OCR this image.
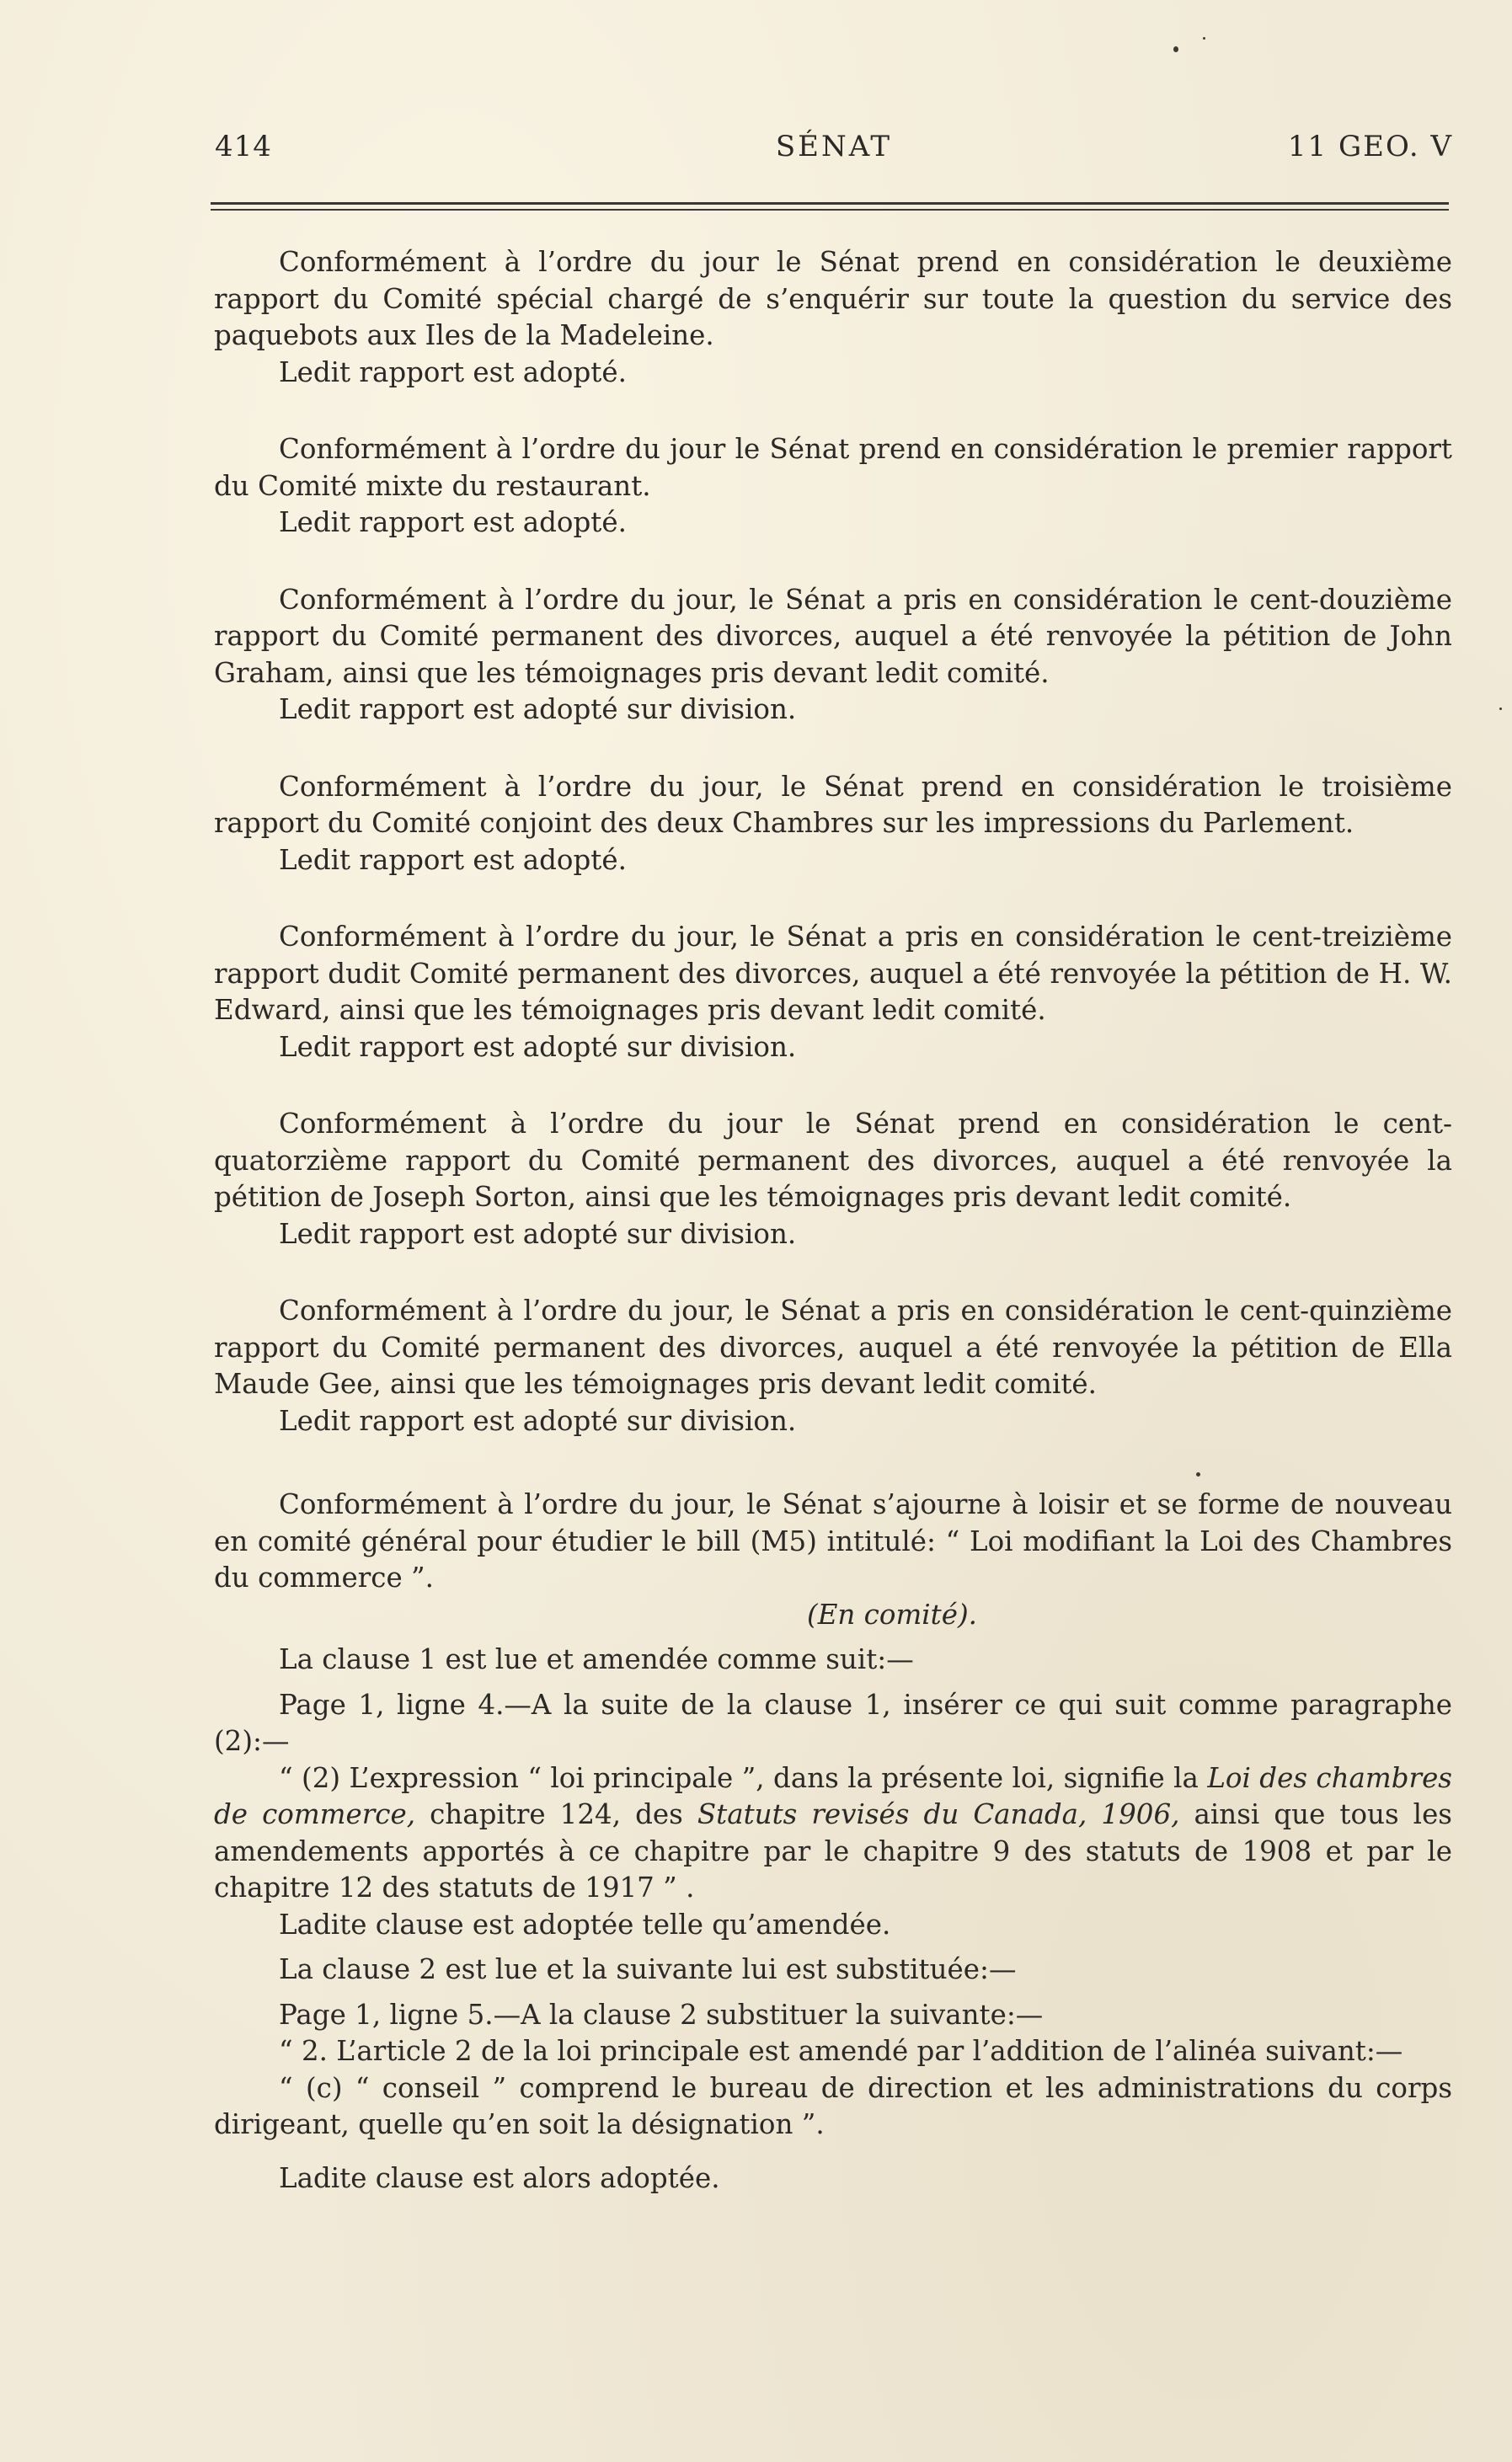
414	SÉNAT	11 GEO. V

Conformément à l’ordre du jour le Sénat prend en considération le deuxième rapport du Comité spécial chargé de s’enquérir sur toute la question du service des paquebots aux Iles de la Madeleine.

Ledit rapport est adopté.

Conformément à l’ordre du jour le Sénat prend en considération le premier rapport du Comité mixte du restaurant.

Ledit rapport est adopté.

Conformément à l’ordre du jour, le Sénat a pris en considération le cent-douzième rapport du Comité permanent des divorces, auquel a été renvoyée la pétition de John Graham, ainsi que les témoignages pris devant ledit comité.

Ledit rapport est adopté sur division.

Conformément à l’ordre du jour, le Sénat prend en considération le troisième rapport du Comité conjoint des deux Chambres sur les impressions du Parlement.

Ledit rapport est adopté.

Conformément à l’ordre du jour, le Sénat a pris en considération le cent-treizième rapport dudit Comité permanent des divorces, auquel a été renvoyée la pétition de H. W. Edward, ainsi que les témoignages pris devant ledit comité.

Ledit rapport est adopté sur division.

Conformément à l’ordre du jour le Sénat prend en considération le cent-quatorzième rapport du Comité permanent des divorces, auquel a été renvoyée la pétition de Joseph Sorton, ainsi que les témoignages pris devant ledit comité.

Ledit rapport est adopté sur division.

Conformément à l’ordre du jour, le Sénat a pris en considération le cent-quinzième rapport du Comité permanent des divorces, auquel a été renvoyée la pétition de Ella Maude Gee, ainsi que les témoignages pris devant ledit comité.

Ledit rapport est adopté sur division.

Conformément à l’ordre du jour, le Sénat s’ajourne à loisir et se forme de nouveau en comité général pour étudier le bill (M5) intitulé: “ Loi modifiant la Loi des Chambres du commerce ”.

(En comité).

La clause 1 est lue et amendée comme suit:—

Page 1, ligne 4.—A la suite de la clause 1, insérer ce qui suit comme paragraphe (2):—

“ (2) L’expression “ loi principale ”, dans la présente loi, signifie la Loi des chambres de commerce, chapitre 124, des Statuts revisés du Canada, 1906, ainsi que tous les amendements apportés à ce chapitre par le chapitre 9 des statuts de 1908 et par le chapitre 12 des statuts de 1917 ” .

Ladite clause est adoptée telle qu’amendée.

La clause 2 est lue et la suivante lui est substituée:—

Page 1, ligne 5.—A la clause 2 substituer la suivante:—

“ 2. L’article 2 de la loi principale est amendé par l’addition de l’alinéa suivant:—

“ (c) “ conseil ” comprend le bureau de direction et les administrations du corps dirigeant, quelle qu’en soit la désignation ”.

Ladite clause est alors adoptée.
